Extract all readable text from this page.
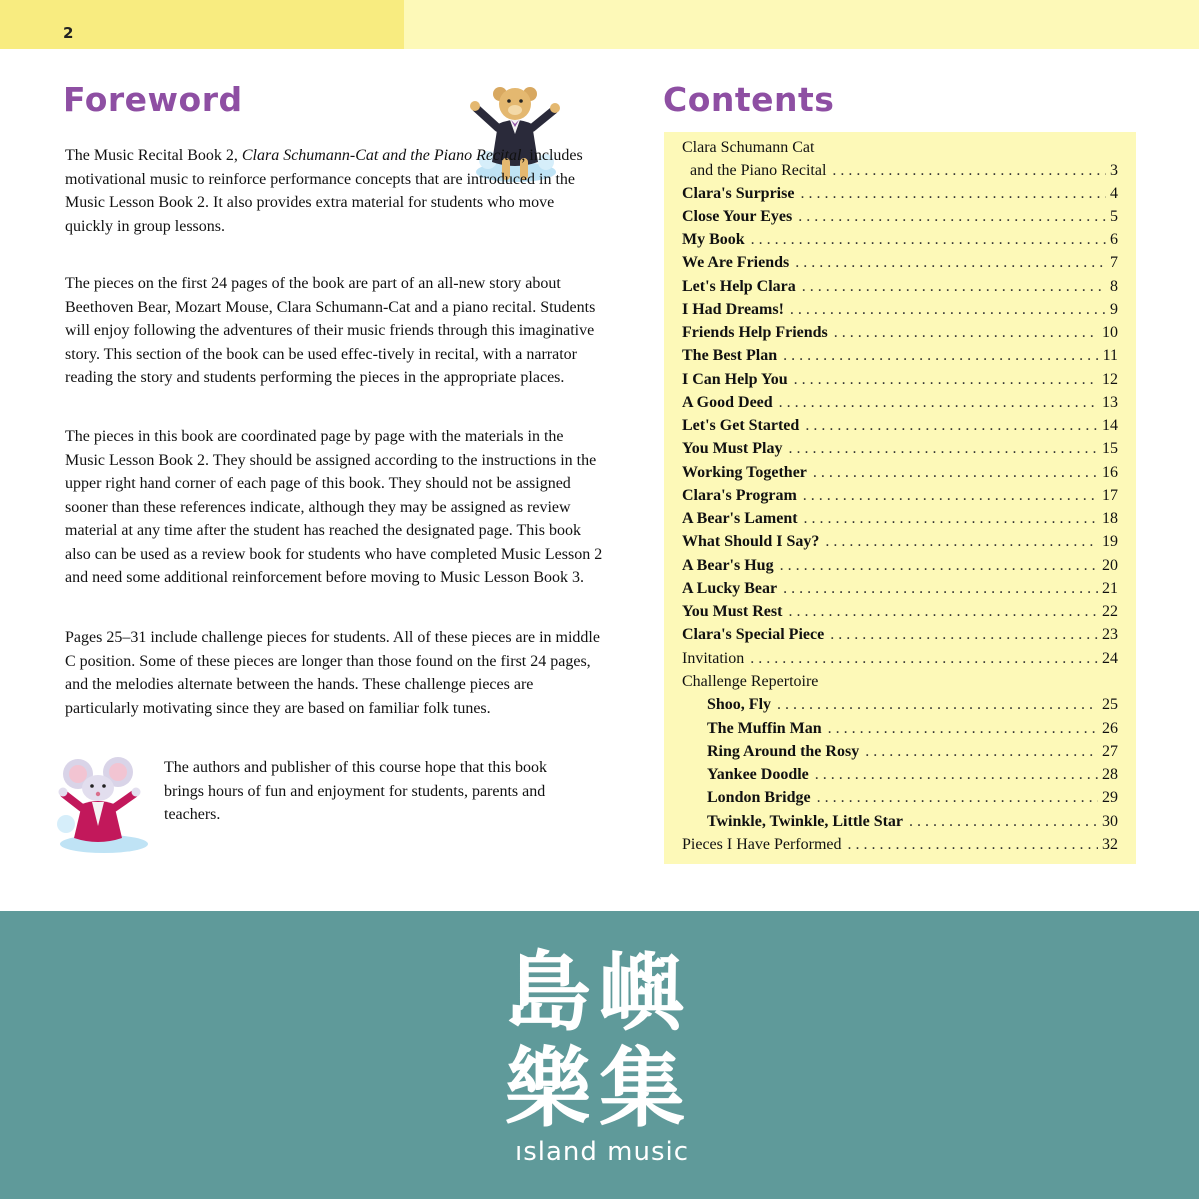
2
Foreword

The Music Recital Book 2, Clara Schumann-Cat and the Piano Recital, includes motivational music to reinforce performance concepts that are introduced in the Music Lesson Book 2. It also provides extra material for students who move quickly in group lessons.

The pieces on the first 24 pages of the book are part of an all-new story about Beethoven Bear, Mozart Mouse, Clara Schumann-Cat and a piano recital. Students will enjoy following the adventures of their music friends through this imaginative story. This section of the book can be used effec-tively in recital, with a narrator reading the story and students performing the pieces in the appropriate places.

The pieces in this book are coordinated page by page with the materials in the Music Lesson Book 2. They should be assigned according to the instructions in the upper right hand corner of each page of this book. They should not be assigned sooner than these references indicate, although they may be assigned as review material at any time after the student has reached the designated page. This book also can be used as a review book for students who have completed Music Lesson 2 and need some additional reinforcement before moving to Music Lesson Book 3.

Pages 25–31 include challenge pieces for students. All of these pieces are in middle C position. Some of these pieces are longer than those found on the first 24 pages, and the melodies alternate between the hands. These challenge pieces are particularly motivating since they are based on familiar folk tunes.

The authors and publisher of this course hope that this book brings hours of fun and enjoyment for students, parents and teachers.

Contents
Clara Schumann Cat
and the Piano Recital . . .	3
Clara's Surprise . . .	4
Close Your Eyes . . .	5
My Book . . .	6
We Are Friends . . .	7
Let's Help Clara . . .	8
I Had Dreams! . . .	9
Friends Help Friends . . .	10
The Best Plan . . .	11
I Can Help You . . .	12
A Good Deed . . .	13
Let's Get Started . . .	14
You Must Play . . .	15
Working Together . . .	16
Clara's Program . . .	17
A Bear's Lament . . .	18
What Should I Say? . . .	19
A Bear's Hug . . .	20
A Lucky Bear . . .	21
You Must Rest . . .	22
Clara's Special Piece . . .	23
Invitation . . .	24
Challenge Repertoire
Shoo, Fly . . .	25
The Muffin Man . . .	26
Ring Around the Rosy . . .	27
Yankee Doodle . . .	28
London Bridge . . .	29
Twinkle, Twinkle, Little Star . . .	30
Pieces I Have Performed . . .	32
島 嶼
樂 集
ısland music
